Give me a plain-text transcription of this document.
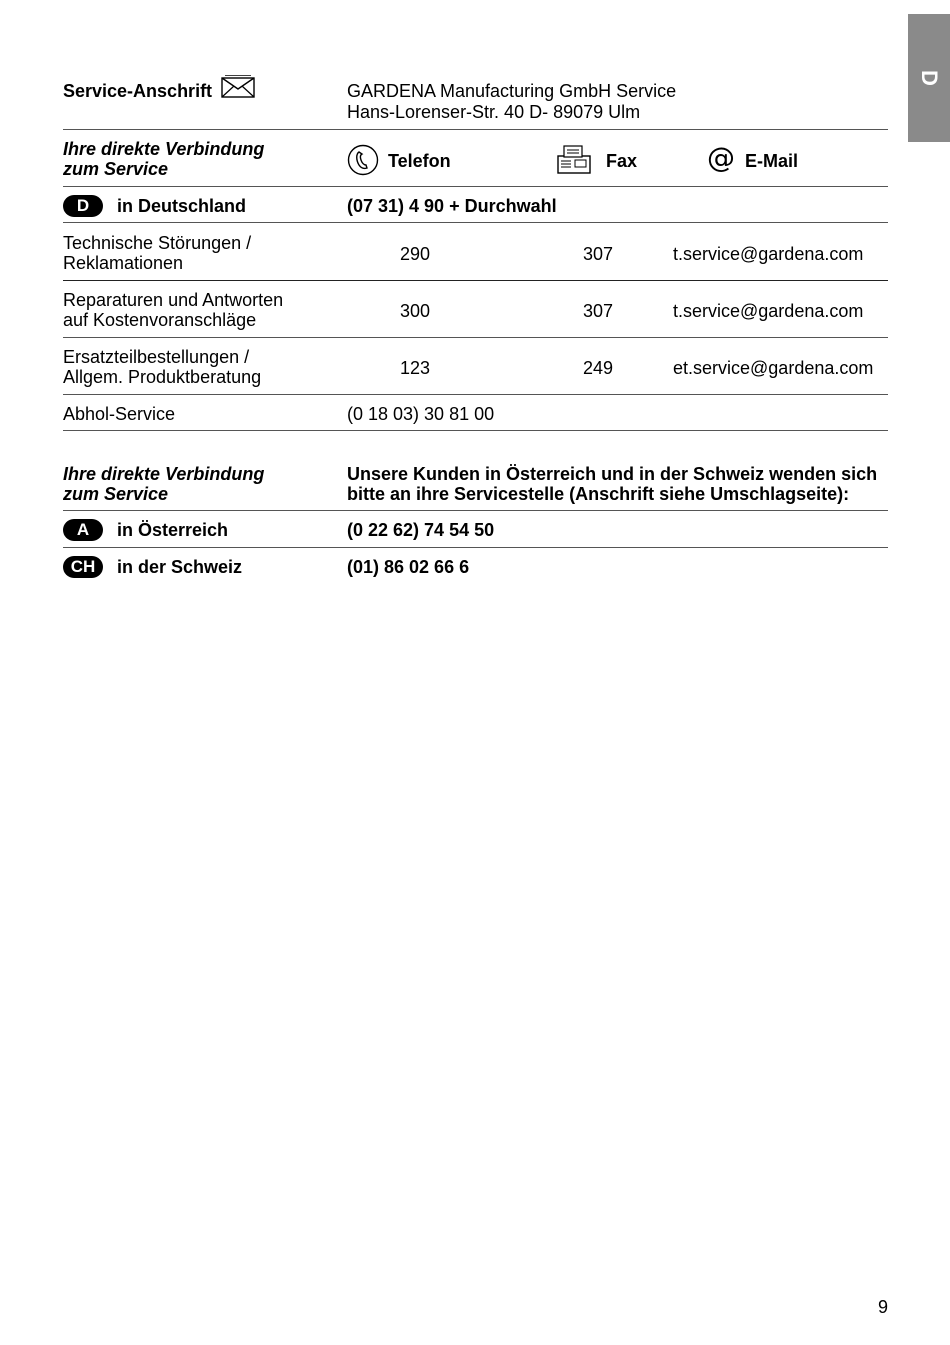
D
Service-Anschrift	GARDENA Manufacturing GmbH Service
Hans-Lorenser-Str. 40 D- 89079 Ulm
Ihre direkte Verbindung
zum Service	Telefon	Fax @ E-Mail
D	in Deutschland	(07 31) 4 90 + Durchwahl
Technische Störungen /
Reklamationen	290	307	t.service@gardena.com
Reparaturen und Antworten
auf Kostenvoranschläge	300	307	t.service@gardena.com
Ersatzteilbestellungen /
Allgem. Produktberatung	123	249	et.service@gardena.com
Abhol-Service	(0 18 03) 30 81 00
Ihre direkte Verbindung
zum Service
Unsere Kunden in Österreich und in der Schweiz wenden sich
bitte an ihre Servicestelle (Anschrift siehe Umschlagseite):
A	in Österreich	(0 22 62) 74 54 50
CH	in der Schweiz	(01) 86 02 66 6
9
